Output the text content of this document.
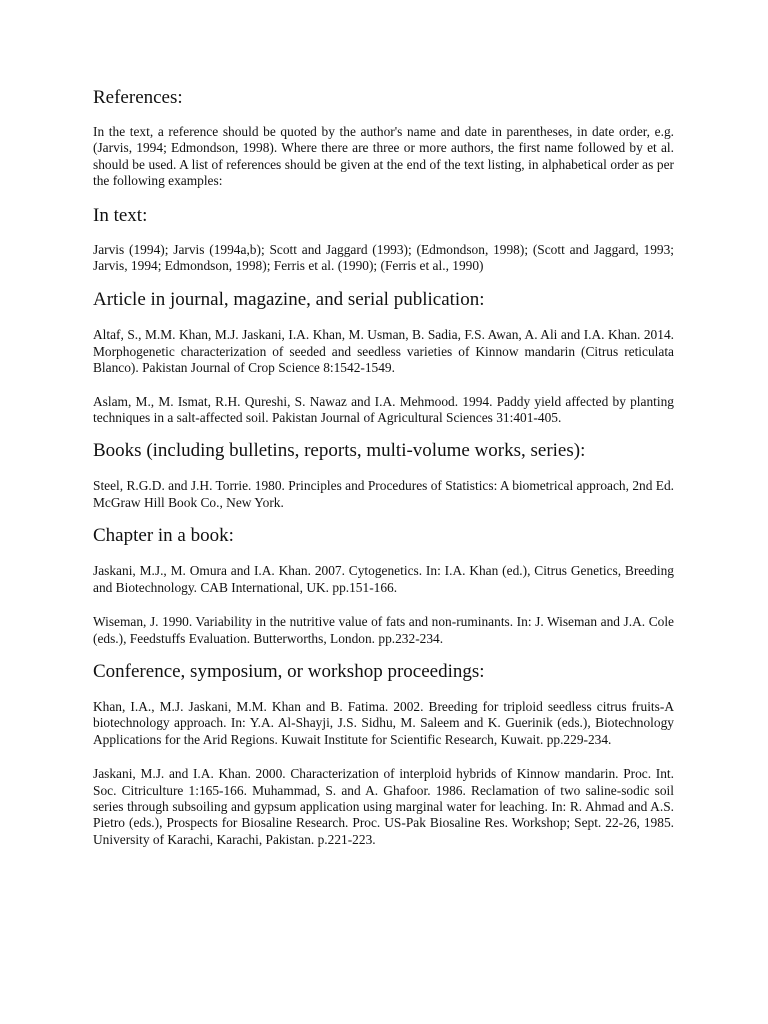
References:

In the text, a reference should be quoted by the author's name and date in parentheses, in date order, e.g. (Jarvis, 1994; Edmondson, 1998). Where there are three or more authors, the first name followed by et al. should be used. A list of references should be given at the end of the text listing, in alphabetical order as per the following examples:

In text:

Jarvis (1994); Jarvis (1994a,b); Scott and Jaggard (1993); (Edmondson, 1998); (Scott and Jaggard, 1993; Jarvis, 1994; Edmondson, 1998); Ferris et al. (1990); (Ferris et al., 1990)

Article in journal, magazine, and serial publication:

Altaf, S., M.M. Khan, M.J. Jaskani, I.A. Khan, M. Usman, B. Sadia, F.S. Awan, A. Ali and I.A. Khan. 2014. Morphogenetic characterization of seeded and seedless varieties of Kinnow mandarin (Citrus reticulata Blanco). Pakistan Journal of Crop Science 8:1542-1549.

Aslam, M., M. Ismat, R.H. Qureshi, S. Nawaz and I.A. Mehmood. 1994. Paddy yield affected by planting techniques in a salt-affected soil. Pakistan Journal of Agricultural Sciences 31:401-405.

Books (including bulletins, reports, multi-volume works, series):

Steel, R.G.D. and J.H. Torrie. 1980. Principles and Procedures of Statistics: A biometrical approach, 2nd Ed. McGraw Hill Book Co., New York.

Chapter in a book:

Jaskani, M.J., M. Omura and I.A. Khan. 2007. Cytogenetics. In: I.A. Khan (ed.), Citrus Genetics, Breeding and Biotechnology. CAB International, UK. pp.151-166.

Wiseman, J. 1990. Variability in the nutritive value of fats and non-ruminants. In: J. Wiseman and J.A. Cole (eds.), Feedstuffs Evaluation. Butterworths, London. pp.232-234.

Conference, symposium, or workshop proceedings:

Khan, I.A., M.J. Jaskani, M.M. Khan and B. Fatima. 2002. Breeding for triploid seedless citrus fruits-A biotechnology approach. In: Y.A. Al-Shayji, J.S. Sidhu, M. Saleem and K. Guerinik (eds.), Biotechnology Applications for the Arid Regions. Kuwait Institute for Scientific Research, Kuwait. pp.229-234.

Jaskani, M.J. and I.A. Khan. 2000. Characterization of interploid hybrids of Kinnow mandarin. Proc. Int. Soc. Citriculture 1:165-166. Muhammad, S. and A. Ghafoor. 1986. Reclamation of two saline-sodic soil series through subsoiling and gypsum application using marginal water for leaching. In: R. Ahmad and A.S. Pietro (eds.), Prospects for Biosaline Research. Proc. US-Pak Biosaline Res. Workshop; Sept. 22-26, 1985. University of Karachi, Karachi, Pakistan. p.221-223.
